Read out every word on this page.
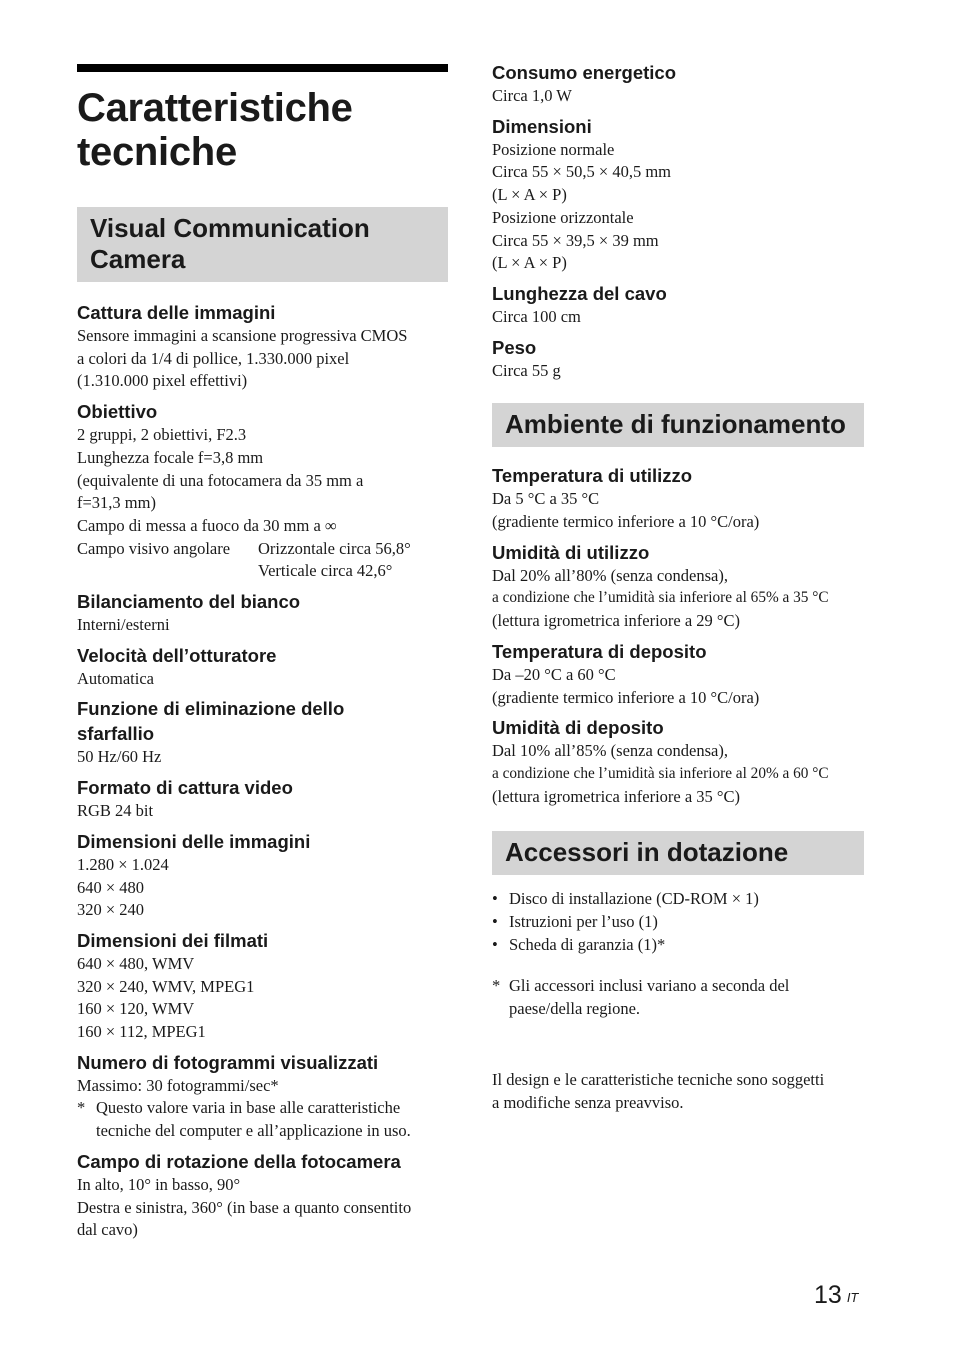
Caratteristiche
tecniche
Visual Communication
Camera

Cattura delle immagini

Sensore immagini a scansione progressiva CMOS

a colori da 1/4 di pollice, 1.330.000 pixel

(1.310.000 pixel effettivi)

Obiettivo

2 gruppi, 2 obiettivi, F2.3

Lunghezza focale f=3,8 mm

(equivalente di una fotocamera da 35 mm a

f=31,3 mm)

Campo di messa a fuoco da 30 mm a ∞

Campo visivo angolare	Orizzontale circa 56,8°

Verticale circa 42,6°

Bilanciamento del bianco

Interni/esterni

Velocità dell’otturatore

Automatica

Funzione di eliminazione dello

sfarfallio

50 Hz/60 Hz

Formato di cattura video

RGB 24 bit

Dimensioni delle immagini

1.280 × 1.024

640 × 480

320 × 240

Dimensioni dei filmati

640 × 480, WMV

320 × 240, WMV, MPEG1

160 × 120, WMV

160 × 112, MPEG1

Numero di fotogrammi visualizzati

Massimo: 30 fotogrammi/sec*

* Questo valore varia in base alle caratteristiche

tecniche del computer e all’applicazione in uso.

Campo di rotazione della fotocamera

In alto, 10° in basso, 90°

Destra e sinistra, 360° (in base a quanto consentito

dal cavo)

Consumo energetico

Circa 1,0 W

Dimensioni

Posizione normale

Circa 55 × 50,5 × 40,5 mm

(L × A × P)

Posizione orizzontale

Circa 55 × 39,5 × 39 mm

(L × A × P)

Lunghezza del cavo

Circa 100 cm

Peso

Circa 55 g

Ambiente di funzionamento

Temperatura di utilizzo

Da 5 °C a 35 °C

(gradiente termico inferiore a 10 °C/ora)

Umidità di utilizzo

Dal 20% all’80% (senza condensa),

a condizione che l’umidità sia inferiore al 65% a 35 °C

(lettura igrometrica inferiore a 29 °C)

Temperatura di deposito

Da –20 °C a 60 °C

(gradiente termico inferiore a 10 °C/ora)

Umidità di deposito

Dal 10% all’85% (senza condensa),

a condizione che l’umidità sia inferiore al 20% a 60 °C

(lettura igrometrica inferiore a 35 °C)

Accessori in dotazione
• Disco di installazione (CD-ROM × 1)
• Istruzioni per l’uso (1)
• Scheda di garanzia (1)*
* Gli accessori inclusi variano a seconda del

paese/della regione.

Il design e le caratteristiche tecniche sono soggetti

a modifiche senza preavviso.

13 $^{IT}$
